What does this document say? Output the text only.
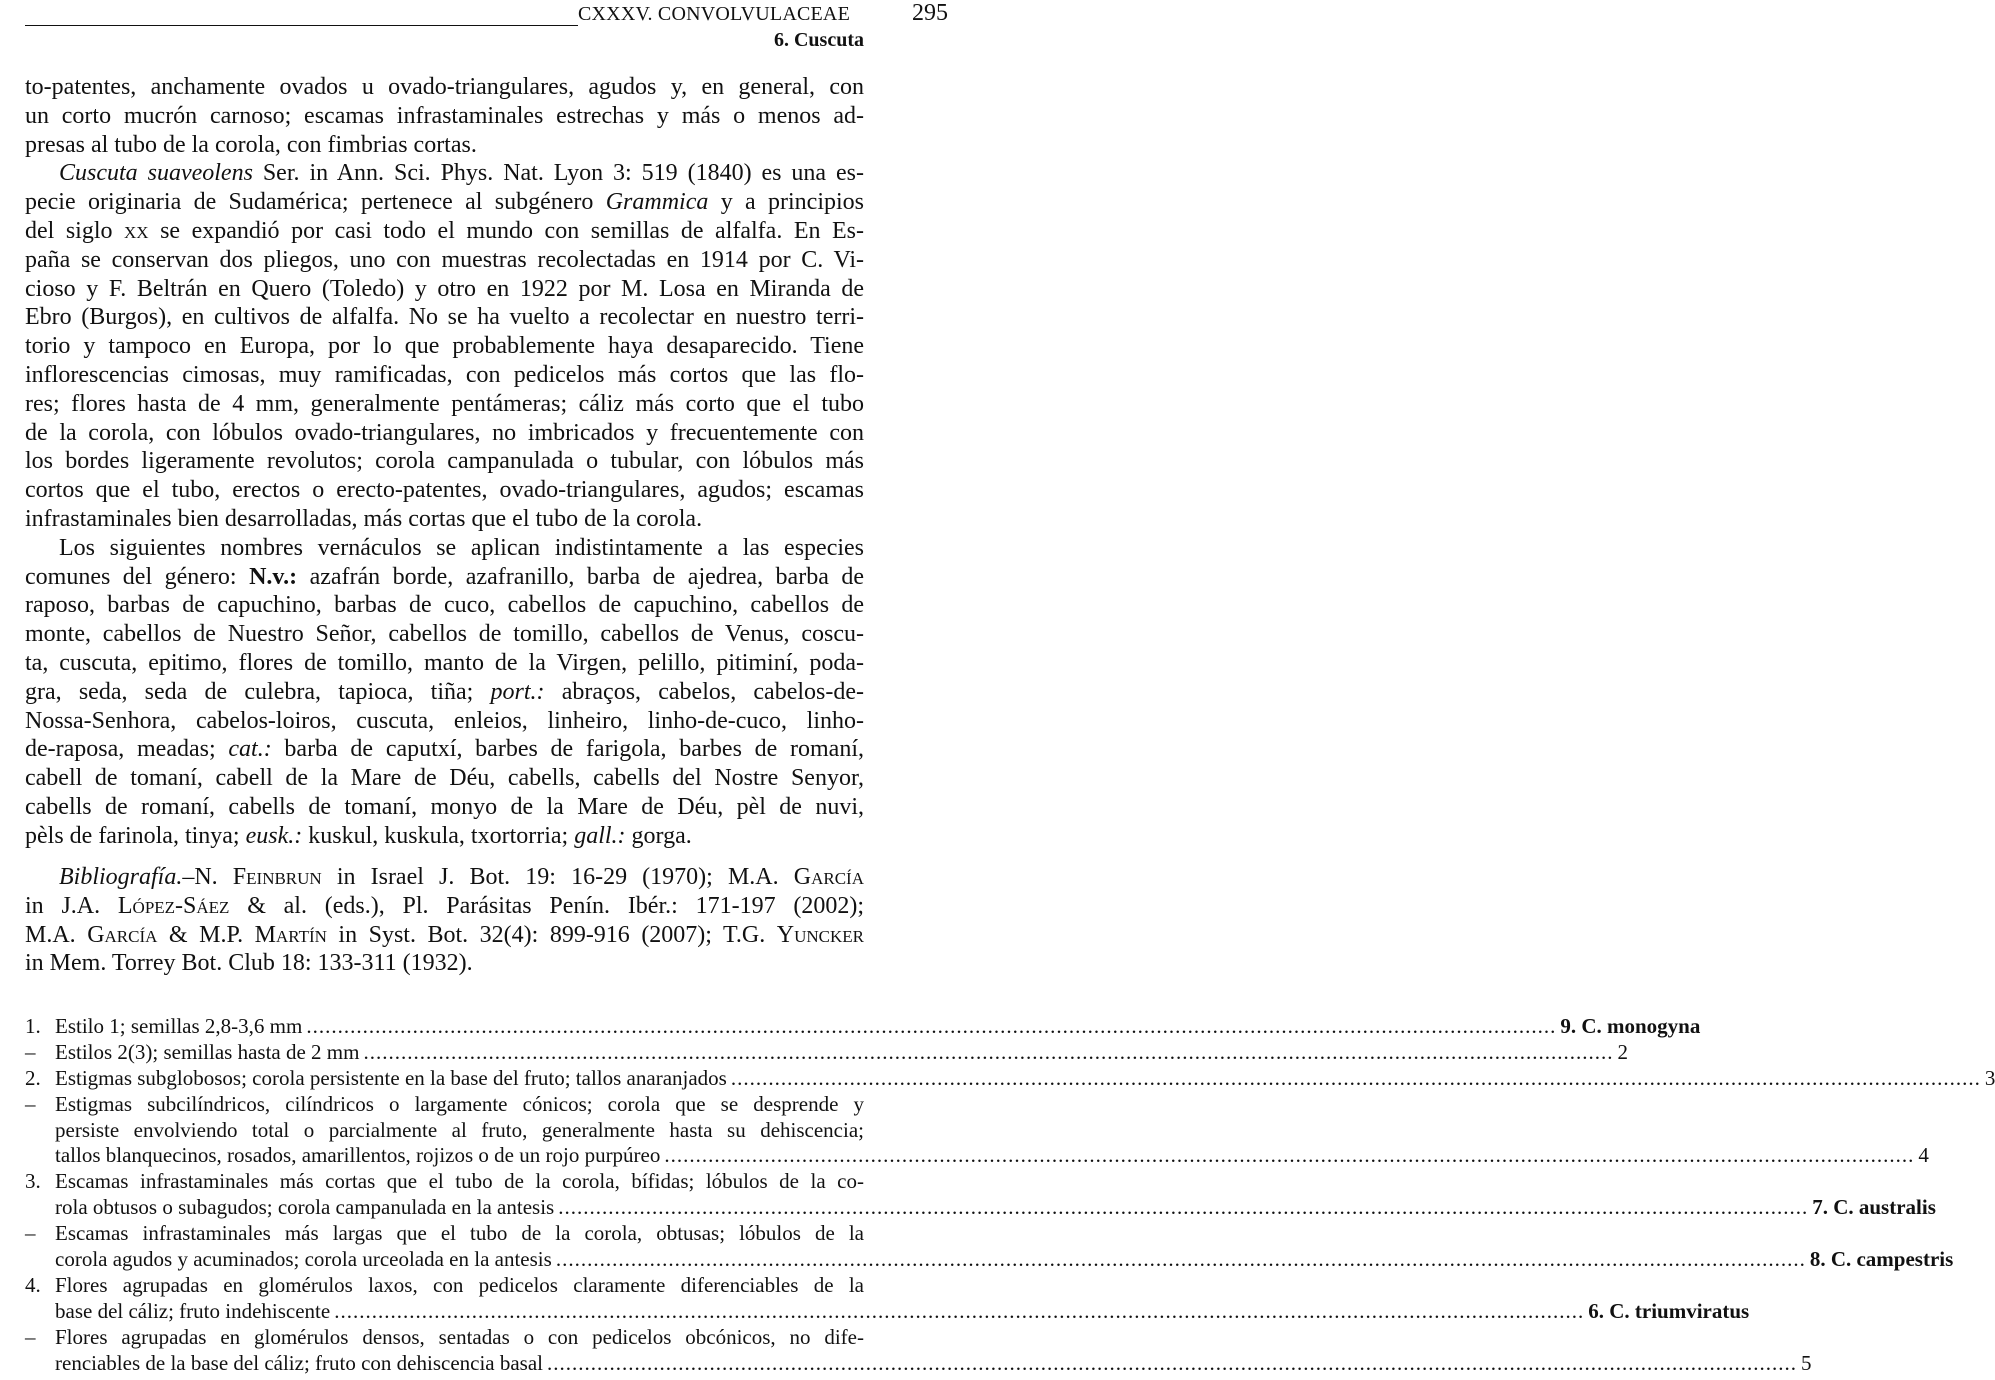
CXXXV. CONVOLVULACEAE	295
6. Cuscuta
to-patentes, anchamente ovados u ovado-triangulares, agudos y, en general, con
un corto mucrón carnoso; escamas infrastaminales estrechas y más o menos ad-
presas al tubo de la corola, con fimbrias cortas.
Cuscuta suaveolens Ser. in Ann. Sci. Phys. Nat. Lyon 3: 519 (1840) es una es-
pecie originaria de Sudamérica; pertenece al subgénero Grammica y a principios
del siglo xx se expandió por casi todo el mundo con semillas de alfalfa. En Es-
paña se conservan dos pliegos, uno con muestras recolectadas en 1914 por C. Vi-
cioso y F. Beltrán en Quero (Toledo) y otro en 1922 por M. Losa en Miranda de
Ebro (Burgos), en cultivos de alfalfa. No se ha vuelto a recolectar en nuestro terri-
torio y tampoco en Europa, por lo que probablemente haya desaparecido. Tiene
inflorescencias cimosas, muy ramificadas, con pedicelos más cortos que las flo-
res; flores hasta de 4 mm, generalmente pentámeras; cáliz más corto que el tubo
de la corola, con lóbulos ovado-triangulares, no imbricados y frecuentemente con
los bordes ligeramente revolutos; corola campanulada o tubular, con lóbulos más
cortos que el tubo, erectos o erecto-patentes, ovado-triangulares, agudos; escamas
infrastaminales bien desarrolladas, más cortas que el tubo de la corola.
Los siguientes nombres vernáculos se aplican indistintamente a las especies
comunes del género: N.v.: azafrán borde, azafranillo, barba de ajedrea, barba de
raposo, barbas de capuchino, barbas de cuco, cabellos de capuchino, cabellos de
monte, cabellos de Nuestro Señor, cabellos de tomillo, cabellos de Venus, coscu-
ta, cuscuta, epitimo, flores de tomillo, manto de la Virgen, pelillo, pitiminí, poda-
gra, seda, seda de culebra, tapioca, tiña; port.: abraços, cabelos, cabelos-de-
Nossa-Senhora, cabelos-loiros, cuscuta, enleios, linheiro, linho-de-cuco, linho-
de-raposa, meadas; cat.: barba de caputxí, barbes de farigola, barbes de romaní,
cabell de tomaní, cabell de la Mare de Déu, cabells, cabells del Nostre Senyor,
cabells de romaní, cabells de tomaní, monyo de la Mare de Déu, pèl de nuvi,
pèls de farinola, tinya; eusk.: kuskul, kuskula, txortorria; gall.: gorga.
Bibliografía.–N. Feinbrun in Israel J. Bot. 19: 16-29 (1970); M.A. García
in J.A. López-Sáez & al. (eds.), Pl. Parásitas Penín. Ibér.: 171-197 (2002);
M.A. García & M.P. Martín in Syst. Bot. 32(4): 899-916 (2007); T.G. Yuncker
in Mem. Torrey Bot. Club 18: 133-311 (1932).
1. Estilo 1; semillas 2,8-3,6 mm ........................................................................................................................................................................................................ 9. C. monogyna
– Estilos 2(3); semillas hasta de 2 mm ........................................................................................................................................................................................................ 2
2. Estigmas subglobosos; corola persistente en la base del fruto; tallos anaranjados ........................................................................................................................................................................................................ 3
– Estigmas subcilíndricos, cilíndricos o largamente cónicos; corola que se desprende y
persiste envolviendo total o parcialmente al fruto, generalmente hasta su dehiscencia;
tallos blanquecinos, rosados, amarillentos, rojizos o de un rojo purpúreo ........................................................................................................................................................................................................ 4
3. Escamas infrastaminales más cortas que el tubo de la corola, bífidas; lóbulos de la co-
rola obtusos o subagudos; corola campanulada en la antesis ........................................................................................................................................................................................................ 7. C. australis
– Escamas infrastaminales más largas que el tubo de la corola, obtusas; lóbulos de la
corola agudos y acuminados; corola urceolada en la antesis ........................................................................................................................................................................................................ 8. C. campestris
4. Flores agrupadas en glomérulos laxos, con pedicelos claramente diferenciables de la
base del cáliz; fruto indehiscente ........................................................................................................................................................................................................ 6. C. triumviratus
– Flores agrupadas en glomérulos densos, sentadas o con pedicelos obcónicos, no dife-
renciables de la base del cáliz; fruto con dehiscencia basal ........................................................................................................................................................................................................ 5
